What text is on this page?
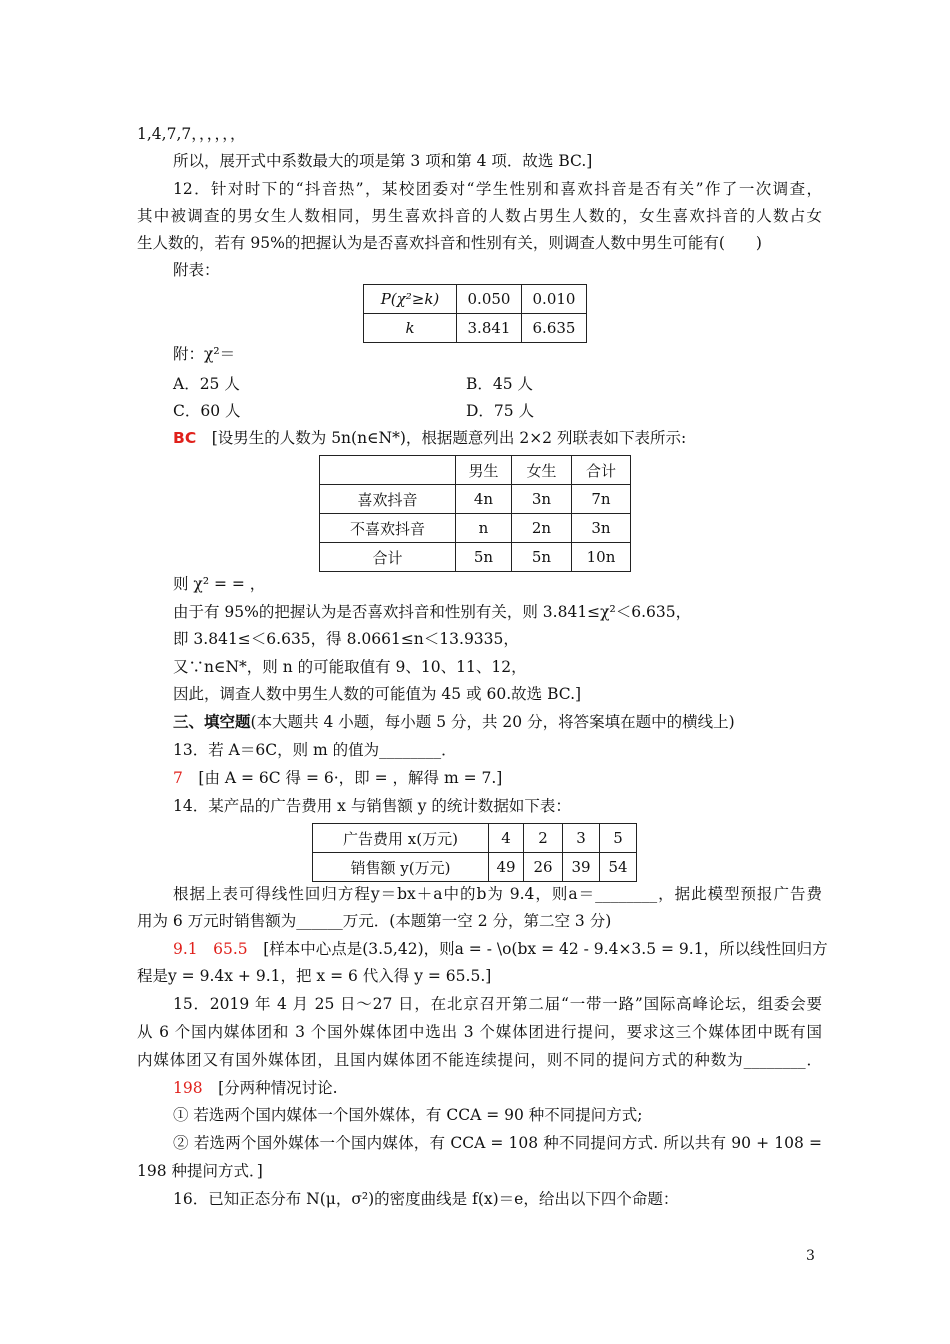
1,4,7,7，，，，，，
所以，展开式中系数最大的项是第 3 项和第 4 项．故选 BC.]
12．针对时下的“抖音热”，某校团委对“学生性别和喜欢抖音是否有关”作了一次调查，
其中被调查的男女生人数相同，男生喜欢抖音的人数占男生人数的，女生喜欢抖音的人数占女
生人数的，若有 95%的把握认为是否喜欢抖音和性别有关，则调查人数中男生可能有(　　)
附表：
P(χ²≥k)	0.050	0.010
k	3.841	6.635
附：χ²＝
A．25 人	B．45 人
C．60 人	D．75 人
BC　 [设男生的人数为 5n(n∈N*)，根据题意列出 2×2 列联表如下表所示:
	男生	女生	合计
喜欢抖音	4n	3n	7n
不喜欢抖音	n	2n	3n
合计	5n	5n	10n
则 χ² = = ，
由于有 95%的把握认为是否喜欢抖音和性别有关，则 3.841≤χ²＜6.635，
即 3.841≤＜6.635，得 8.0661≤n＜13.9335，
又∵n∈N*，则 n 的可能取值有 9、10、11、12，
因此，调查人数中男生人数的可能值为 45 或 60.故选 BC.]
三、填空题(本大题共 4 小题，每小题 5 分，共 20 分，将答案填在题中的横线上)
13．若 A＝6C，则 m 的值为________．
7　 [由 A = 6C 得 = 6·，即 = ，解得 m = 7.]
14．某产品的广告费用 x 与销售额 y 的统计数据如下表：
广告费用 x(万元)	4	2	3	5
销售额 y(万元)	49	26	39	54
根据上表可得线性回归方程y＝bx＋a中的b为 9.4，则a＝________，据此模型预报广告费
用为 6 万元时销售额为______万元．(本题第一空 2 分，第二空 3 分)
9.1　65.5　 [样本中心点是(3.5,42)，则a = - \o(bx = 42 - 9.4×3.5 = 9.1，所以线性回归方
程是y = 9.4x + 9.1，把 x = 6 代入得 y = 65.5.]
15．2019 年 4 月 25 日～27 日，在北京召开第二届“一带一路”国际高峰论坛，组委会要
从 6 个国内媒体团和 3 个国外媒体团中选出 3 个媒体团进行提问，要求这三个媒体团中既有国
内媒体团又有国外媒体团，且国内媒体团不能连续提问，则不同的提问方式的种数为________．
198　 [分两种情况讨论.
① 若选两个国内媒体一个国外媒体，有 CCA = 90 种不同提问方式;
② 若选两个国外媒体一个国内媒体，有 CCA = 108 种不同提问方式. 所以共有 90 + 108 =
198 种提问方式．]
16．已知正态分布 N(μ，σ²)的密度曲线是 f(x)＝e，给出以下四个命题：
3
